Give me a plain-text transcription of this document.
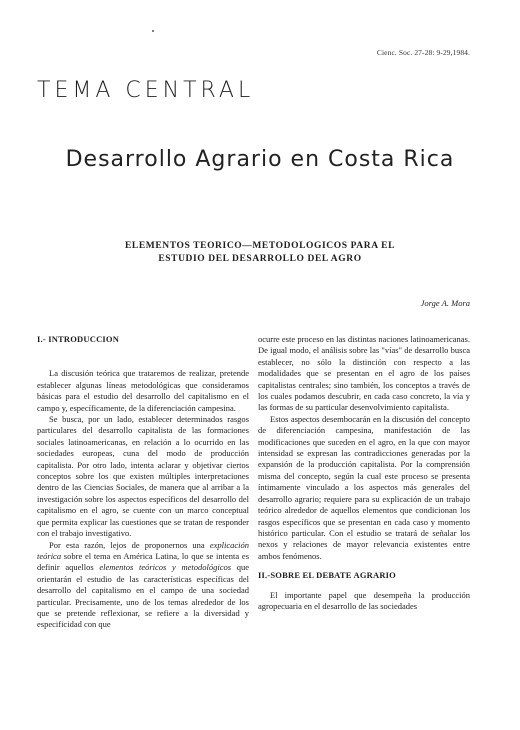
Cienc. Soc. 27-28: 9-29,1984.
TEMA CENTRAL
Desarrollo Agrario en Costa Rica
ELEMENTOS TEORICO—METODOLOGICOS PARA EL
ESTUDIO DEL DESARROLLO DEL AGRO
Jorge A. Mora
I.- INTRODUCCION

La discusión teórica que trataremos de realizar, pretende establecer algunas líneas metodológicas que consideramos básicas para el estudio del desarrollo del capitalismo en el campo y, específicamente, de la diferenciación campesina.

Se busca, por un lado, establecer determinados rasgos particulares del desarrollo capitalista de las formaciones sociales latinoamericanas, en relación a lo ocurrido en las sociedades europeas, cuna del modo de producción capitalista. Por otro lado, intenta aclarar y objetivar ciertos conceptos sobre los que existen múltiples interpretaciones dentro de las Ciencias Sociales, de manera que al arribar a la investigación sobre los aspectos específicos del desarrollo del capitalismo en el agro, se cuente con un marco conceptual que permita explicar las cuestiones que se tratan de responder con el trabajo investigativo.

Por esta razón, lejos de proponernos una explicación teórica sobre el tema en América Latina, lo que se intenta es definir aquellos elementos teóricos y metodológicos que orientarán el estudio de las características específicas del desarrollo del capitalismo en el campo de una sociedad particular. Precisamente, uno de los temas alrededor de los que se pretende reflexionar, se refiere a la diversidad y especificidad con que

ocurre este proceso en las distintas naciones latinoamericanas. De igual modo, el análisis sobre las "vías" de desarrollo busca establecer, no sólo la distinción con respecto a las modalidades que se presentan en el agro de los países capitalistas centrales; sino también, los conceptos a través de los cuales podamos descubrir, en cada caso concreto, la vía y las formas de su particular desenvolvimiento capitalista.

Estos aspectos desembocarán en la discusión del concepto de diferenciación campesina, manifestación de las modificaciones que suceden en el agro, en la que con mayor intensidad se expresan las contradicciones generadas por la expansión de la producción capitalista. Por la comprensión misma del concepto, según la cual este proceso se presenta íntimamente vinculado a los aspectos más generales del desarrollo agrario; requiere para su explicación de un trabajo teórico alrededor de aquellos elementos que condicionan los rasgos específicos que se presentan en cada caso y momento histórico particular. Con el estudio se tratará de señalar los nexos y relaciones de mayor relevancia existentes entre ambos fenómenos.

II.-SOBRE EL DEBATE AGRARIO

El importante papel que desempeña la producción agropecuaria en el desarrollo de las sociedades
